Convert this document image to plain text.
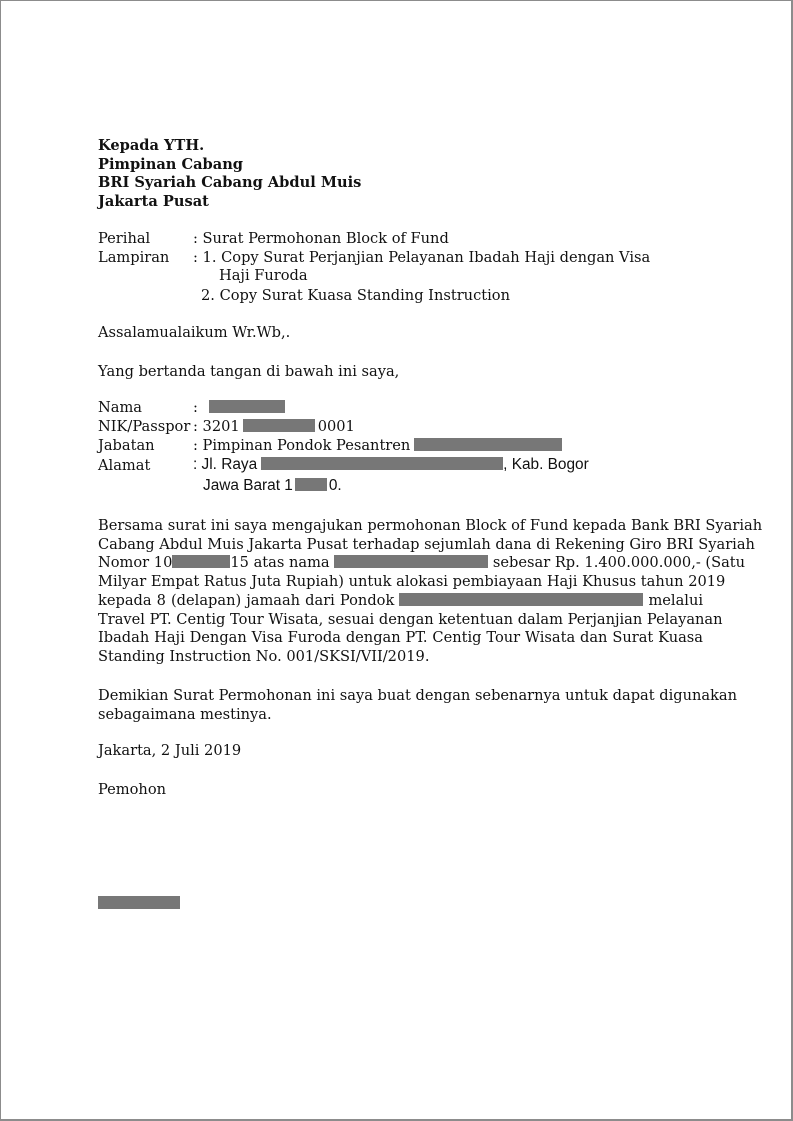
Kepada YTH.
Pimpinan Cabang
BRI Syariah Cabang Abdul Muis
Jakarta Pusat
Perihal	: Surat Permohonan Block of Fund
Lampiran : 1. Copy Surat Perjanjian Pelayanan Ibadah Haji dengan Visa
Haji Furoda
2. Copy Surat Kuasa Standing Instruction
Assalamualaikum Wr.Wb,.
Yang bertanda tangan di bawah ini saya,
Nama	:
NIK/Passpor : 3201	0001
Jabatan	: Pimpinan Pondok Pesantren
Alamat	: Jl. Raya	, Kab. Bogor
Jawa Barat 1 0.
Bersama surat ini saya mengajukan permohonan Block of Fund kepada Bank BRI Syariah
Cabang Abdul Muis Jakarta Pusat terhadap sejumlah dana di Rekening Giro BRI Syariah
Nomor 10	15 atas nama	sebesar Rp. 1.400.000.000,- (Satu
Milyar Empat Ratus Juta Rupiah) untuk alokasi pembiayaan Haji Khusus tahun 2019
kepada 8 (delapan) jamaah dari Pondok	melalui
Travel PT. Centig Tour Wisata, sesuai dengan ketentuan dalam Perjanjian Pelayanan
Ibadah Haji Dengan Visa Furoda dengan PT. Centig Tour Wisata dan Surat Kuasa
Standing Instruction No. 001/SKSI/VII/2019.
Demikian Surat Permohonan ini saya buat dengan sebenarnya untuk dapat digunakan
sebagaimana mestinya.
Jakarta, 2 Juli 2019
Pemohon
